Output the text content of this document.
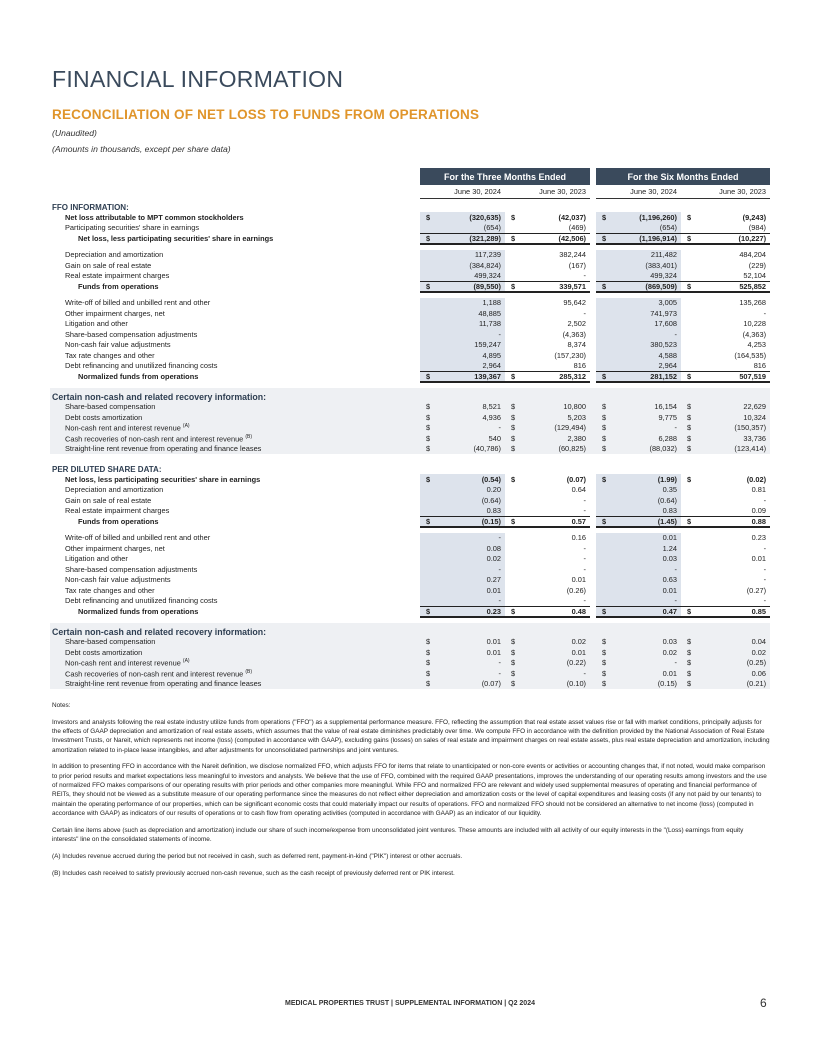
FINANCIAL INFORMATION
RECONCILIATION OF NET LOSS TO FUNDS FROM OPERATIONS
(Unaudited)
(Amounts in thousands, except per share data)
	For the Three Months Ended					For the Six Months Ended			
	June 30, 2024		June 30, 2023			June 30, 2024		June 30, 2023	
FFO INFORMATION:									
Net loss attributable to MPT common stockholders	$	(320,635)	$	(42,037)		$	(1,196,260)	$	(9,243)
Participating securities' share in earnings		(654)		(469)			(654)		(984)
Net loss, less participating securities' share in earnings	$	(321,289)	$	(42,506)		$	(1,196,914)	$	(10,227)

Depreciation and amortization		117,239		382,244			211,482		484,204
Gain on sale of real estate		(384,824)		(167)			(383,401)		(229)
Real estate impairment charges		499,324		-			499,324		52,104
Funds from operations	$	(89,550)	$	339,571		$	(869,509)	$	525,852

Write-off of billed and unbilled rent and other		1,188		95,642			3,005		135,268
Other impairment charges, net		48,885		-			741,973		-
Litigation and other		11,738		2,502			17,608		10,228
Share-based compensation adjustments		-		(4,363)			-		(4,363)
Non-cash fair value adjustments		159,247		8,374			380,523		4,253
Tax rate changes and other		4,895		(157,230)			4,588		(164,535)
Debt refinancing and unutilized financing costs		2,964		816			2,964		816
Normalized funds from operations	$	139,367	$	285,312		$	281,152	$	507,519

Certain non-cash and related recovery information:									
Share-based compensation	$	8,521	$	10,800		$	16,154	$	22,629
Debt costs amortization	$	4,936	$	5,203		$	9,775	$	10,324
Non-cash rent and interest revenue $^{(A)}$	$	-	$	(129,494)		$	-	$	(150,357)
Cash recoveries of non-cash rent and interest revenue $^{(B)}$	$	540	$	2,380		$	6,288	$	33,736
Straight-line rent revenue from operating and finance leases	$	(40,786)	$	(60,825)		$	(88,032)	$	(123,414)

PER DILUTED SHARE DATA:									
Net loss, less participating securities' share in earnings	$	(0.54)	$	(0.07)		$	(1.99)	$	(0.02)
Depreciation and amortization		0.20		0.64			0.35		0.81
Gain on sale of real estate		(0.64)		-			(0.64)		-
Real estate impairment charges		0.83		-			0.83		0.09
Funds from operations	$	(0.15)	$	0.57		$	(1.45)	$	0.88

Write-off of billed and unbilled rent and other		-		0.16			0.01		0.23
Other impairment charges, net		0.08		-			1.24		-
Litigation and other		0.02		-			0.03		0.01
Share-based compensation adjustments		-		-			-		-
Non-cash fair value adjustments		0.27		0.01			0.63		-
Tax rate changes and other		0.01		(0.26)			0.01		(0.27)
Debt refinancing and unutilized financing costs		-		-			-		-
Normalized funds from operations	$	0.23	$	0.48		$	0.47	$	0.85

Certain non-cash and related recovery information:									
Share-based compensation	$	0.01	$	0.02		$	0.03	$	0.04
Debt costs amortization	$	0.01	$	0.01		$	0.02	$	0.02
Non-cash rent and interest revenue $^{(A)}$	$	-	$	(0.22)		$	-	$	(0.25)
Cash recoveries of non-cash rent and interest revenue $^{(B)}$	$	-	$	-		$	0.01	$	0.06
Straight-line rent revenue from operating and finance leases	$	(0.07)	$	(0.10)		$	(0.15)	$	(0.21)

Notes:

Investors and analysts following the real estate industry utilize funds from operations ("FFO") as a supplemental performance measure. FFO, reflecting the assumption that real estate asset values rise or fall with market conditions, principally adjusts for the effects of GAAP depreciation and amortization of real estate assets, which assumes that the value of real estate diminishes predictably over time. We compute FFO in accordance with the definition provided by the National Association of Real Estate Investment Trusts, or Nareit, which represents net income (loss) (computed in accordance with GAAP), excluding gains (losses) on sales of real estate and impairment charges on real estate assets, plus real estate depreciation and amortization, including amortization related to in-place lease intangibles, and after adjustments for unconsolidated partnerships and joint ventures.

In addition to presenting FFO in accordance with the Nareit definition, we disclose normalized FFO, which adjusts FFO for items that relate to unanticipated or non-core events or activities or accounting changes that, if not noted, would make comparison to prior period results and market expectations less meaningful to investors and analysts. We believe that the use of FFO, combined with the required GAAP presentations, improves the understanding of our operating results among investors and the use of normalized FFO makes comparisons of our operating results with prior periods and other companies more meaningful. While FFO and normalized FFO are relevant and widely used supplemental measures of operating and financial performance of REITs, they should not be viewed as a substitute measure of our operating performance since the measures do not reflect either depreciation and amortization costs or the level of capital expenditures and leasing costs (if any not paid by our tenants) to maintain the operating performance of our properties, which can be significant economic costs that could materially impact our results of operations. FFO and normalized FFO should not be considered an alternative to net income (loss) (computed in accordance with GAAP) as indicators of our results of operations or to cash flow from operating activities (computed in accordance with GAAP) as an indicator of our liquidity.

Certain line items above (such as depreciation and amortization) include our share of such income/expense from unconsolidated joint ventures. These amounts are included with all activity of our equity interests in the "(Loss) earnings from equity interests" line on the consolidated statements of income.

(A) Includes revenue accrued during the period but not received in cash, such as deferred rent, payment-in-kind ("PIK") interest or other accruals.

(B) Includes cash received to satisfy previously accrued non-cash revenue, such as the cash receipt of previously deferred rent or PIK interest.

MEDICAL PROPERTIES TRUST | SUPPLEMENTAL INFORMATION | Q2 2024	6
